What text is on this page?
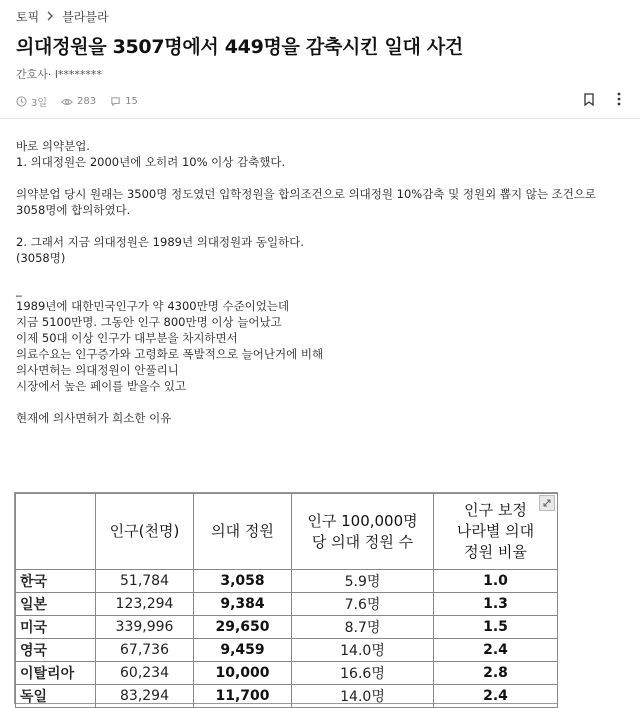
토픽 블라블라
의대정원을 3507명에서 449명을 감축시킨 일대 사건
간호사· l********
3일	283	15

바로 의약분업.

1. 의대정원은 2000년에 오히려 10% 이상 감축했다.

의약분업 당시 원래는 3500명 정도였던 입학정원을 합의조건으로 의대정원 10%감축 및 정원외 뽑지 않는 조건으로 3058명에 합의하였다.

2. 그래서 지금 의대정원은 1989년 의대정원과 동일하다.

(3058명)

_

1989년에 대한민국인구가 약 4300만명 수준이었는데

지금 5100만명. 그동안 인구 800만명 이상 늘어났고

이제 50대 이상 인구가 대부분을 차지하면서

의료수요는 인구증가와 고령화로 폭발적으로 늘어난거에 비해

의사면허는 의대정원이 안풀리니

시장에서 높은 페이를 받을수 있고

현재에 의사면허가 희소한 이유

	인구(천명)	의대 정원	인구 100,000명
당 의대 정원 수	인구 보정
나라별 의대
정원 비율
한국	51,784	3,058	5.9명	1.0
일본	123,294	9,384	7.6명	1.3
미국	339,996	29,650	8.7명	1.5
영국	67,736	9,459	14.0명	2.4
이탈리아	60,234	10,000	16.6명	2.8
독일	83,294	11,700	14.0명	2.4
